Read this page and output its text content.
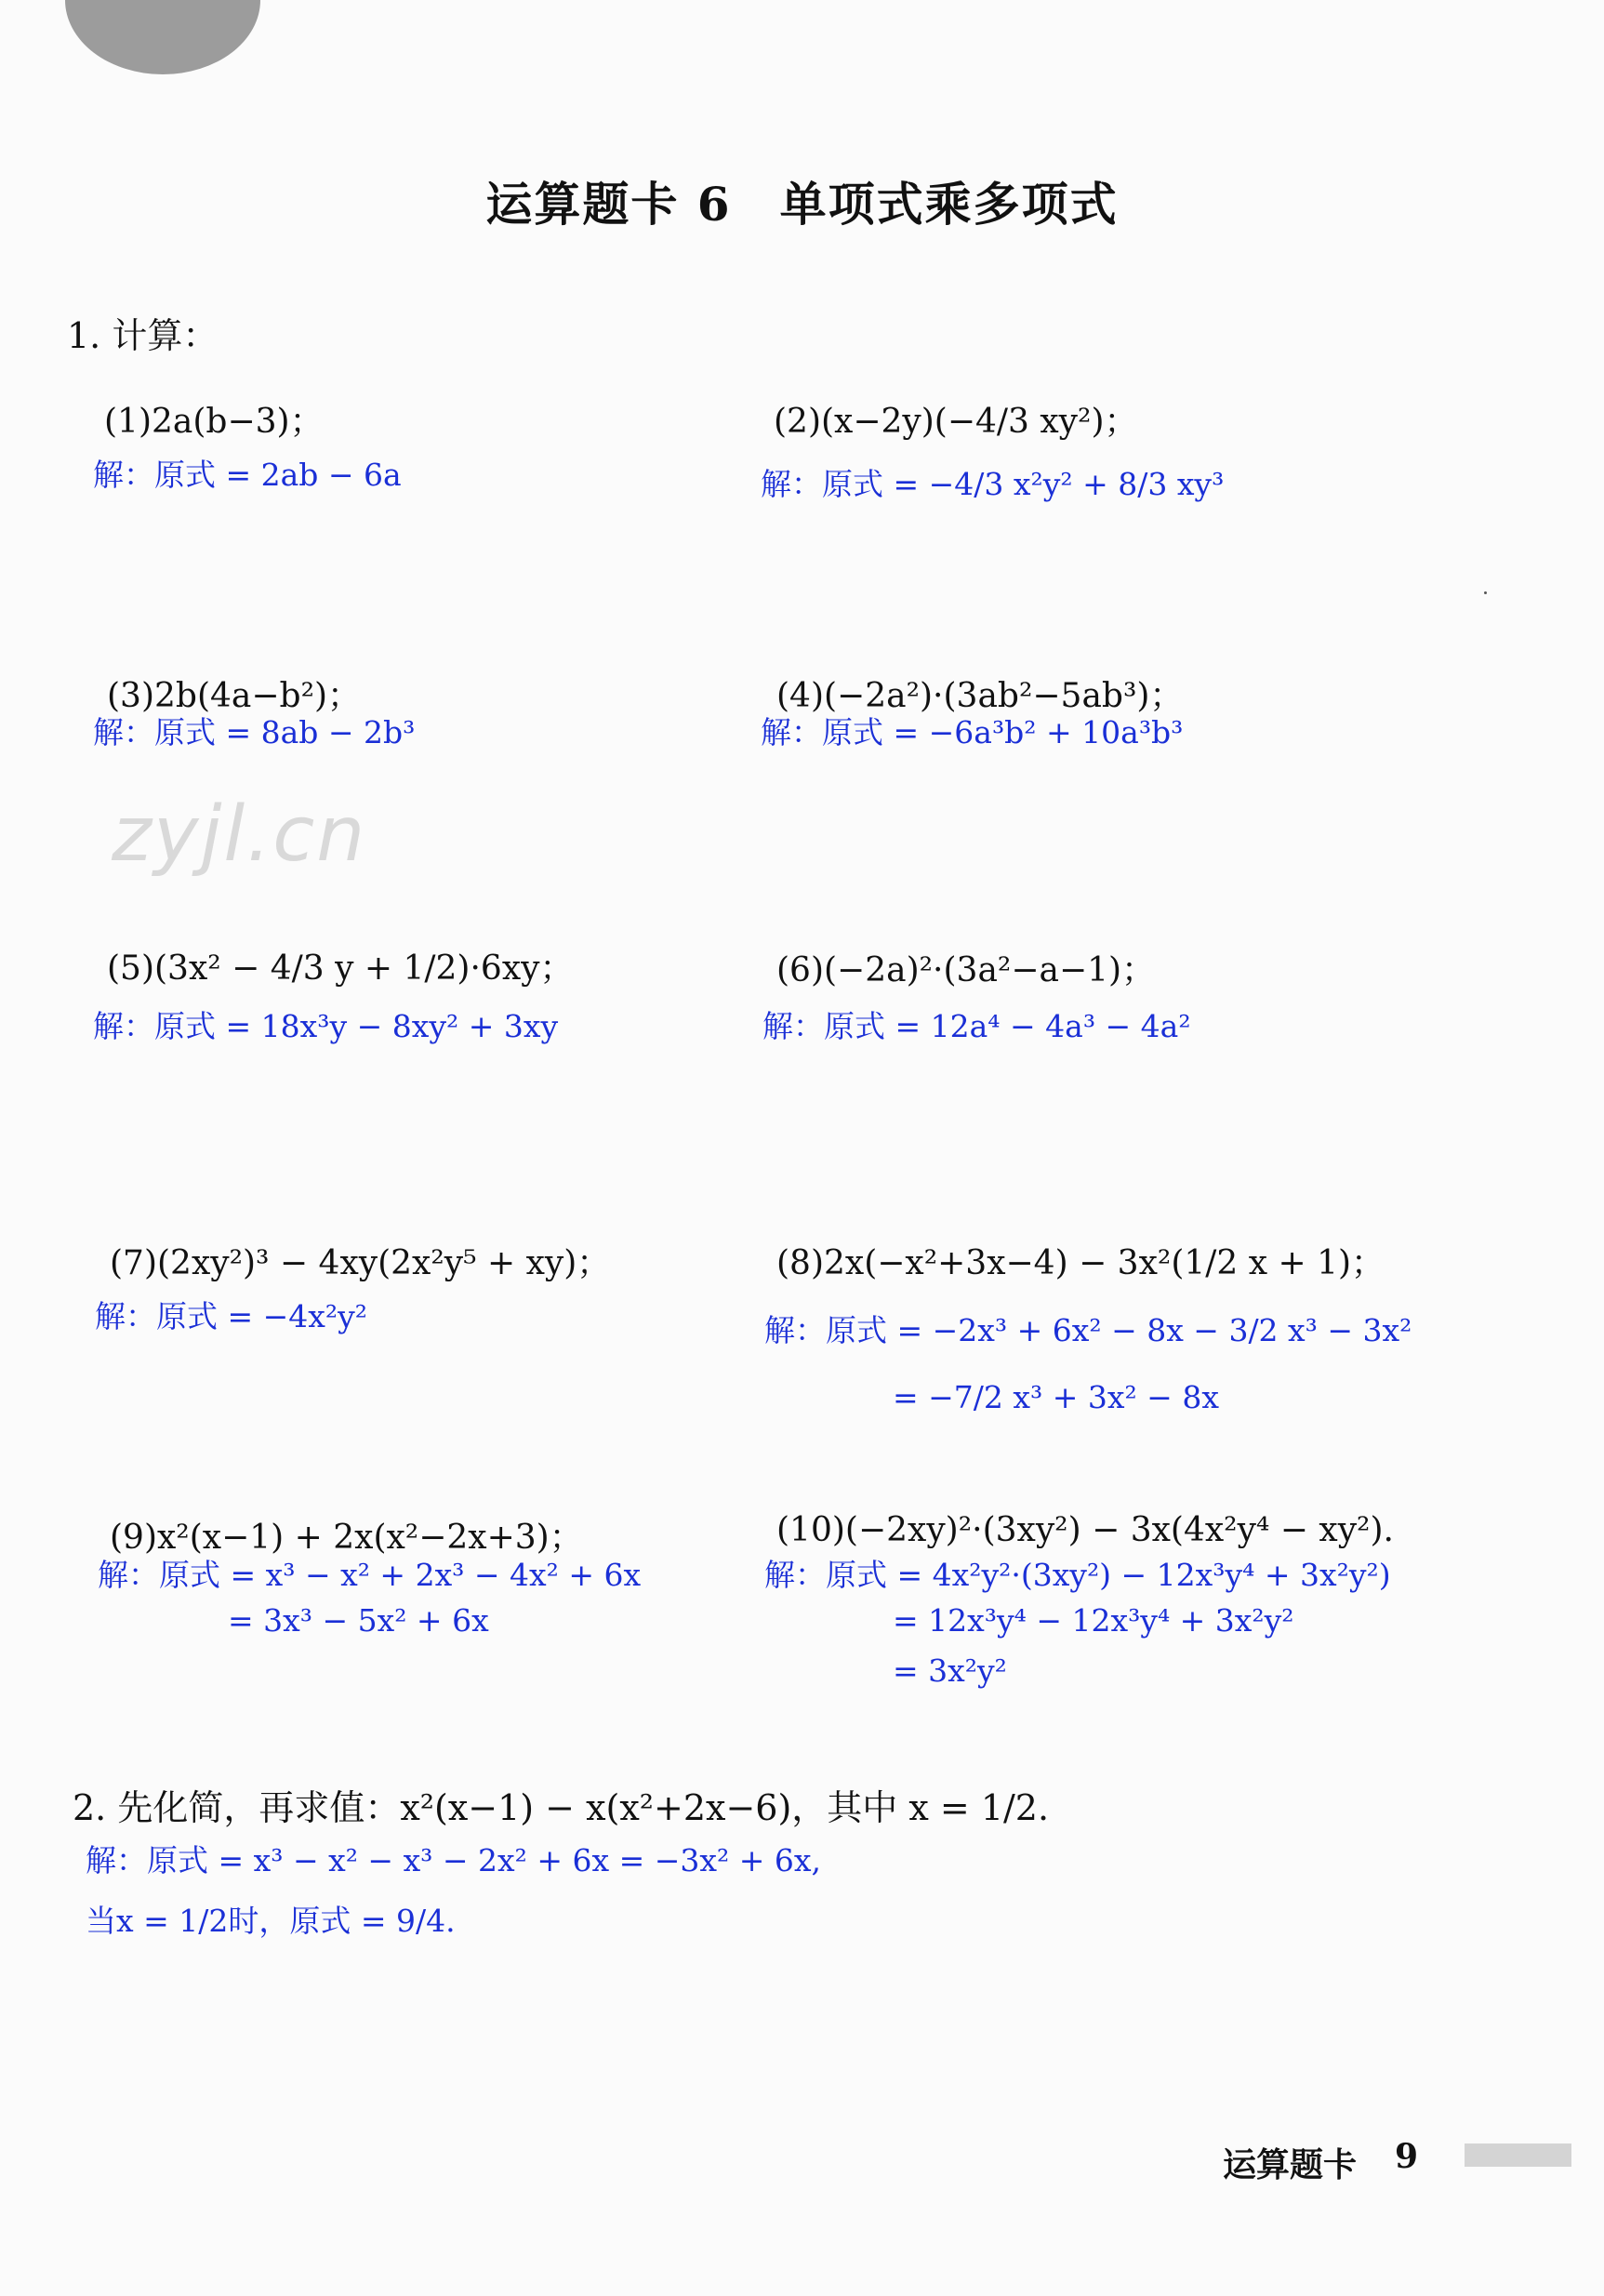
运算题卡 6　单项式乘多项式
1. 计算：
zyjl.cn
(1)2a(b−3)；
解：原式 = 2ab − 6a
(2)(x−2y)(−4/3 xy²)；
解：原式 = −4/3 x²y² + 8/3 xy³
(3)2b(4a−b²)；
解：原式 = 8ab − 2b³
(4)(−2a²)·(3ab²−5ab³)；
解：原式 = −6a³b² + 10a³b³
(5)(3x² − 4/3 y + 1/2)·6xy；
解：原式 = 18x³y − 8xy² + 3xy
(6)(−2a)²·(3a²−a−1)；
解：原式 = 12a⁴ − 4a³ − 4a²
(7)(2xy²)³ − 4xy(2x²y⁵ + xy)；
解：原式 = −4x²y²
(8)2x(−x²+3x−4) − 3x²(1/2 x + 1)；
解：原式 = −2x³ + 6x² − 8x − 3/2 x³ − 3x²
= −7/2 x³ + 3x² − 8x
(9)x²(x−1) + 2x(x²−2x+3)；
解：原式 = x³ − x² + 2x³ − 4x² + 6x
= 3x³ − 5x² + 6x
(10)(−2xy)²·(3xy²) − 3x(4x²y⁴ − xy²).
解：原式 = 4x²y²·(3xy²) − 12x³y⁴ + 3x²y²)
= 12x³y⁴ − 12x³y⁴ + 3x²y²
= 3x²y²
2. 先化简，再求值：x²(x−1) − x(x²+2x−6)，其中 x = 1/2.
解：原式 = x³ − x² − x³ − 2x² + 6x = −3x² + 6x,
当x = 1/2时，原式 = 9/4.
运算题卡 9
